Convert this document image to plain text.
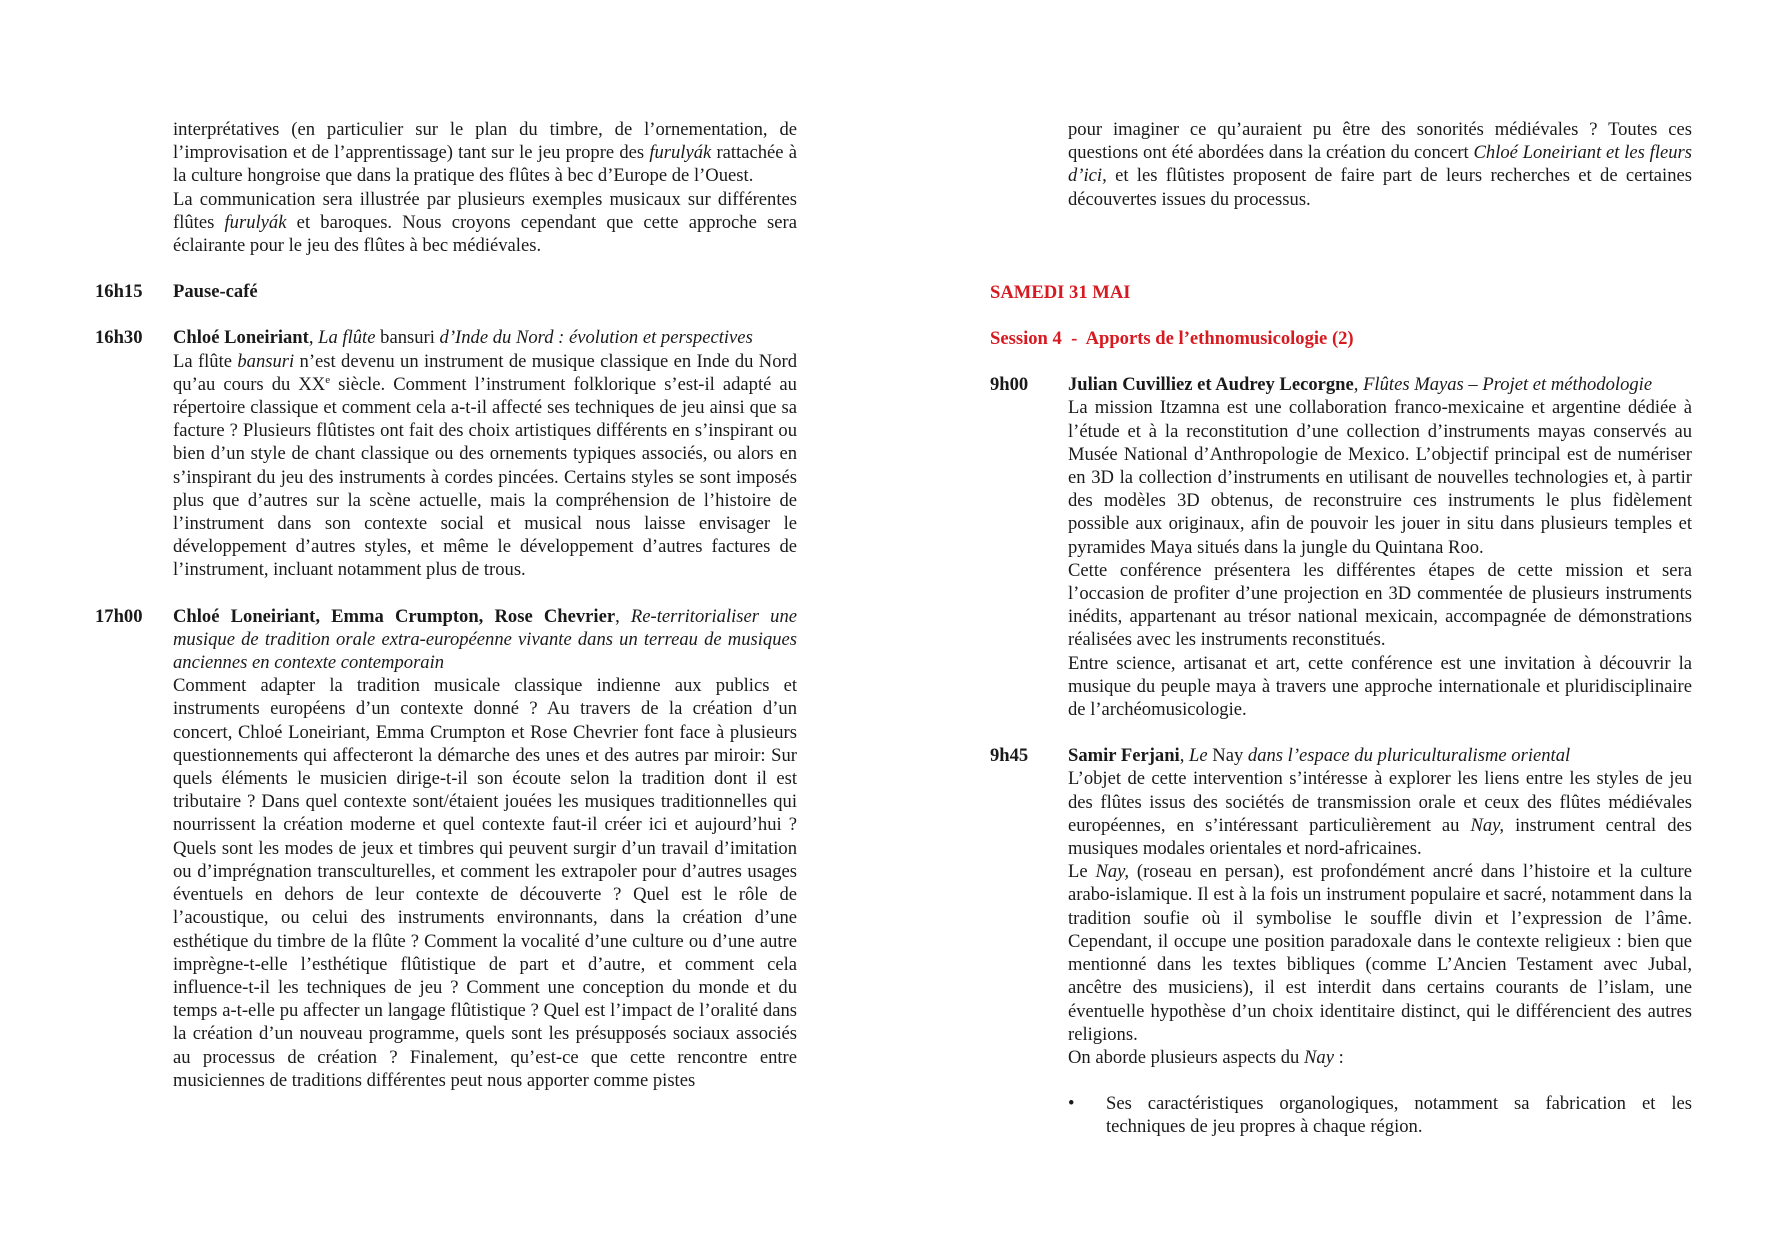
interprétatives (en particulier sur le plan du timbre, de l’ornementation, de l’improvisation et de l’apprentissage) tant sur le jeu propre des furulyák rattachée à la culture hongroise que dans la pratique des flûtes à bec d’Europe de l’Ouest.

La communication sera illustrée par plusieurs exemples musicaux sur différentes flûtes furulyák et baroques. Nous croyons cependant que cette approche sera éclairante pour le jeu des flûtes à bec médiévales.

16h15	Pause-café
16h30	Chloé Loneiriant, La flûte bansuri d’Inde du Nord : évolution et perspectives

La flûte bansuri n’est devenu un instrument de musique classique en Inde du Nord qu’au cours du XXe siècle. Comment l’instrument folklorique s’est-il adapté au répertoire classique et comment cela a-t-il affecté ses techniques de jeu ainsi que sa facture ? Plusieurs flûtistes ont fait des choix artistiques différents en s’inspirant ou bien d’un style de chant classique ou des ornements typiques associés, ou alors en s’inspirant du jeu des instruments à cordes pincées. Certains styles se sont imposés plus que d’autres sur la scène actuelle, mais la compréhension de l’histoire de l’instrument dans son contexte social et musical nous laisse envisager le développement d’autres styles, et même le développement d’autres factures de l’instrument, incluant notamment plus de trous.

17h00	Chloé Loneiriant, Emma Crumpton, Rose Chevrier, Re-territorialiser une musique de tradition orale extra-européenne vivante dans un terreau de musiques anciennes en contexte contemporain

Comment adapter la tradition musicale classique indienne aux publics et instruments européens d’un contexte donné ? Au travers de la création d’un concert, Chloé Loneiriant, Emma Crumpton et Rose Chevrier font face à plusieurs questionnements qui affecteront la démarche des unes et des autres par miroir: Sur quels éléments le musicien dirige-t-il son écoute selon la tradition dont il est tributaire ? Dans quel contexte sont/étaient jouées les musiques traditionnelles qui nourrissent la création moderne et quel contexte faut-il créer ici et aujourd’hui ? Quels sont les modes de jeux et timbres qui peuvent surgir d’un travail d’imitation ou d’imprégnation transculturelles, et comment les extrapoler pour d’autres usages éventuels en dehors de leur contexte de découverte ? Quel est le rôle de l’acoustique, ou celui des instruments environnants, dans la création d’une esthétique du timbre de la flûte ? Comment la vocalité d’une culture ou d’une autre imprègne-t-elle l’esthétique flûtistique de part et d’autre, et comment cela influence-t-il les techniques de jeu ? Comment une conception du monde et du temps a-t-elle pu affecter un langage flûtistique ? Quel est l’impact de l’oralité dans la création d’un nouveau programme, quels sont les présupposés sociaux associés au processus de création ? Finalement, qu’est-ce que cette rencontre entre musiciennes de traditions différentes peut nous apporter comme pistes

pour imaginer ce qu’auraient pu être des sonorités médiévales ? Toutes ces questions ont été abordées dans la création du concert Chloé Loneiriant et les fleurs d’ici, et les flûtistes proposent de faire part de leurs recherches et de certaines découvertes issues du processus.

SAMEDI 31 MAI

Session 4  -  Apports de l’ethnomusicologie (2)

9h00	Julian Cuvilliez et Audrey Lecorgne, Flûtes Mayas – Projet et méthodologie

La mission Itzamna est une collaboration franco-mexicaine et argentine dédiée à l’étude et à la reconstitution d’une collection d’instruments mayas conservés au Musée National d’Anthropologie de Mexico. L’objectif principal est de numériser en 3D la collection d’instruments en utilisant de nouvelles technologies et, à partir des modèles 3D obtenus, de reconstruire ces instruments le plus fidèlement possible aux originaux, afin de pouvoir les jouer in situ dans plusieurs temples et pyramides Maya situés dans la jungle du Quintana Roo.

Cette conférence présentera les différentes étapes de cette mission et sera l’occasion de profiter d’une projection en 3D commentée de plusieurs instruments inédits, appartenant au trésor national mexicain, accompagnée de démonstrations réalisées avec les instruments reconstitués.

Entre science, artisanat et art, cette conférence est une invitation à découvrir la musique du peuple maya à travers une approche internationale et pluridisciplinaire de l’archéomusicologie.

9h45	Samir Ferjani, Le Nay dans l’espace du pluriculturalisme oriental

L’objet de cette intervention s’intéresse à explorer les liens entre les styles de jeu des flûtes issus des sociétés de transmission orale et ceux des flûtes médiévales européennes, en s’intéressant particulièrement au Nay, instrument central des musiques modales orientales et nord-africaines.

Le Nay, (roseau en persan), est profondément ancré dans l’histoire et la culture arabo-islamique. Il est à la fois un instrument populaire et sacré, notamment dans la tradition soufie où il symbolise le souffle divin et l’expression de l’âme. Cependant, il occupe une position paradoxale dans le contexte religieux : bien que mentionné dans les textes bibliques (comme L’Ancien Testament avec Jubal, ancêtre des musiciens), il est interdit dans certains courants de l’islam, une éventuelle hypothèse d’un choix identitaire distinct, qui le différencient des autres religions.

On aborde plusieurs aspects du Nay :

•	Ses caractéristiques organologiques, notamment sa fabrication et les techniques de jeu propres à chaque région.
